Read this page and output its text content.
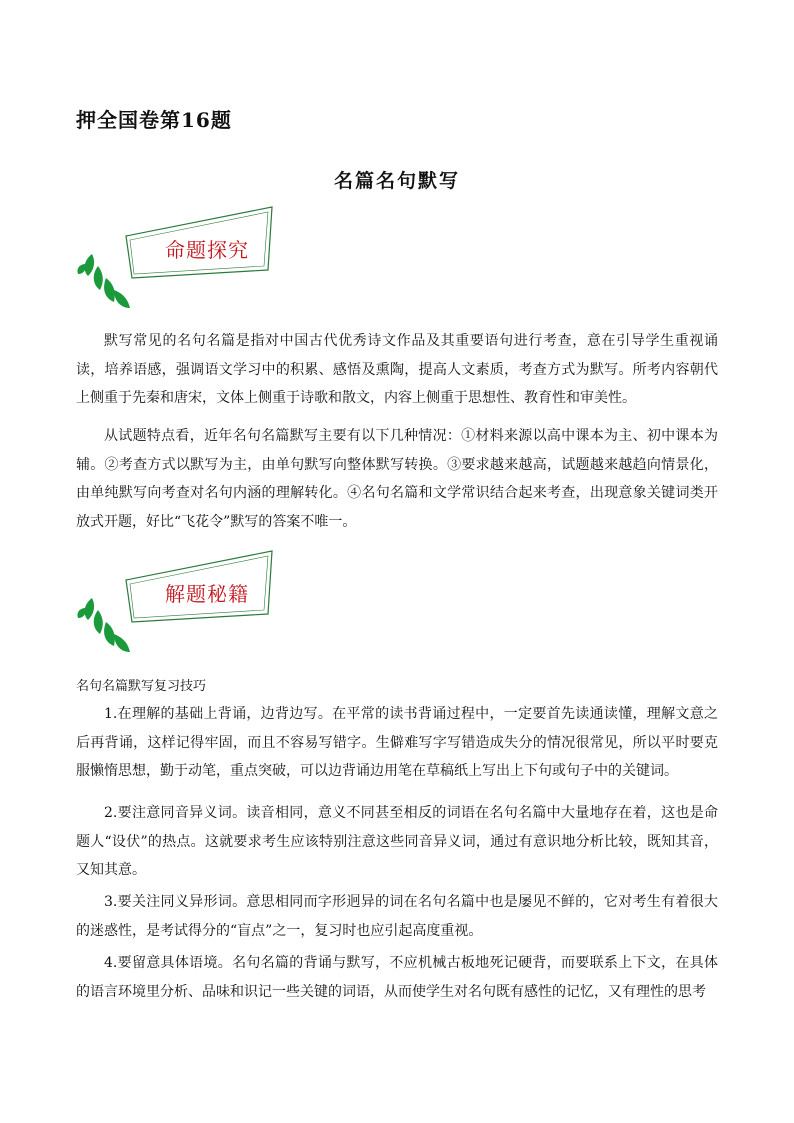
押全国卷第16题
名篇名句默写
命题探究

默写常见的名句名篇是指对中国古代优秀诗文作品及其重要语句进行考查，意在引导学生重视诵读，培养语感，强调语文学习中的积累、感悟及熏陶，提高人文素质，考查方式为默写。所考内容朝代上侧重于先秦和唐宋，文体上侧重于诗歌和散文，内容上侧重于思想性、教育性和审美性。

从试题特点看，近年名句名篇默写主要有以下几种情况：①材料来源以高中课本为主、初中课本为辅。②考查方式以默写为主，由单句默写向整体默写转换。③要求越来越高，试题越来越趋向情景化，由单纯默写向考查对名句内涵的理解转化。④名句名篇和文学常识结合起来考查，出现意象关键词类开放式开题，好比“飞花令”默写的答案不唯一。

解题秘籍

名句名篇默写复习技巧

1.在理解的基础上背诵，边背边写。在平常的读书背诵过程中，一定要首先读通读懂，理解文意之后再背诵，这样记得牢固，而且不容易写错字。生僻难写字写错造成失分的情况很常见，所以平时要克服懒惰思想，勤于动笔，重点突破，可以边背诵边用笔在草稿纸上写出上下句或句子中的关键词。

2.要注意同音异义词。读音相同，意义不同甚至相反的词语在名句名篇中大量地存在着，这也是命题人“设伏”的热点。这就要求考生应该特别注意这些同音异义词，通过有意识地分析比较，既知其音，又知其意。

3.要关注同义异形词。意思相同而字形迥异的词在名句名篇中也是屡见不鲜的，它对考生有着很大的迷惑性，是考试得分的“盲点”之一，复习时也应引起高度重视。

4.要留意具体语境。名句名篇的背诵与默写，不应机械古板地死记硬背，而要联系上下文，在具体的语言环境里分析、品味和识记一些关键的词语，从而使学生对名句既有感性的记忆，又有理性的思考
